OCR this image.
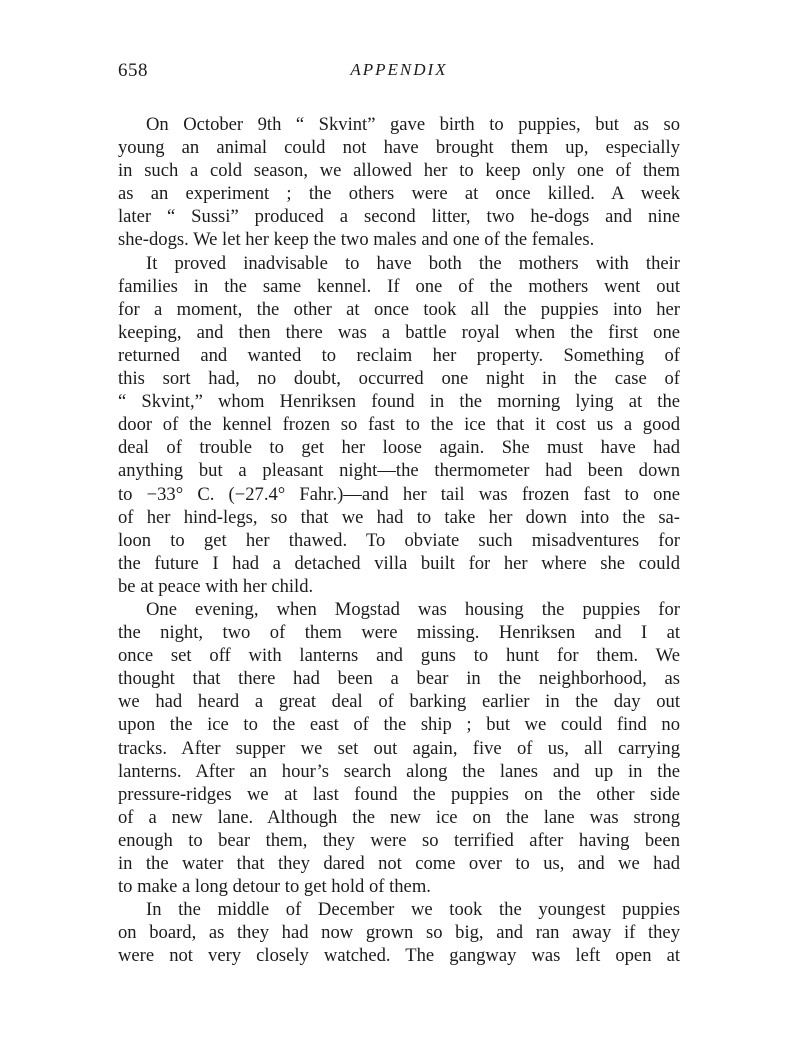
658	APPENDIX
On October 9th “ Skvint” gave birth to puppies, but as so
young an animal could not have brought them up, especially
in such a cold season, we allowed her to keep only one of them
as an experiment ; the others were at once killed. A week
later “ Sussi” produced a second litter, two he-dogs and nine
she-dogs. We let her keep the two males and one of the females.
It proved inadvisable to have both the mothers with their
families in the same kennel. If one of the mothers went out
for a moment, the other at once took all the puppies into her
keeping, and then there was a battle royal when the first one
returned and wanted to reclaim her property. Something of
this sort had, no doubt, occurred one night in the case of
“ Skvint,” whom Henriksen found in the morning lying at the
door of the kennel frozen so fast to the ice that it cost us a good
deal of trouble to get her loose again. She must have had
anything but a pleasant night—the thermometer had been down
to −33° C. (−27.4° Fahr.)—and her tail was frozen fast to one
of her hind-legs, so that we had to take her down into the sa-
loon to get her thawed. To obviate such misadventures for
the future I had a detached villa built for her where she could
be at peace with her child.
One evening, when Mogstad was housing the puppies for
the night, two of them were missing. Henriksen and I at
once set off with lanterns and guns to hunt for them. We
thought that there had been a bear in the neighborhood, as
we had heard a great deal of barking earlier in the day out
upon the ice to the east of the ship ; but we could find no
tracks. After supper we set out again, five of us, all carrying
lanterns. After an hour’s search along the lanes and up in the
pressure-ridges we at last found the puppies on the other side
of a new lane. Although the new ice on the lane was strong
enough to bear them, they were so terrified after having been
in the water that they dared not come over to us, and we had
to make a long detour to get hold of them.
In the middle of December we took the youngest puppies
on board, as they had now grown so big, and ran away if they
were not very closely watched. The gangway was left open at
